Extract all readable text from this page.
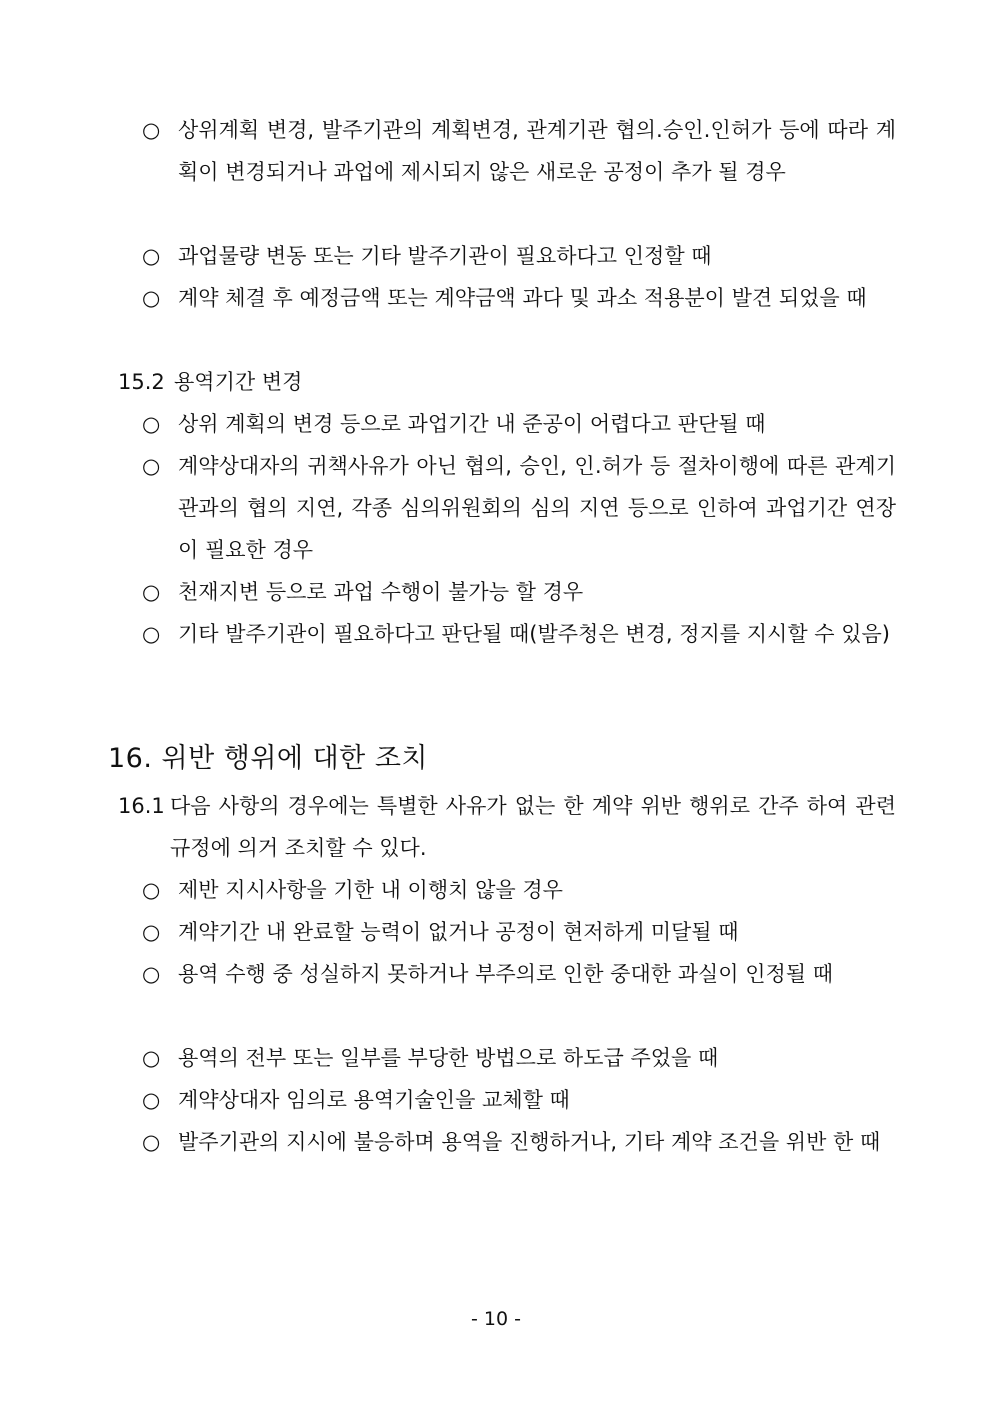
○ 상위계획 변경, 발주기관의 계획변경, 관계기관 협의․승인․인허가 등에 따라 계획이 변경되거나 과업에 제시되지 않은 새로운 공정이 추가 될 경우
○ 과업물량 변동 또는 기타 발주기관이 필요하다고 인정할 때
○ 계약 체결 후 예정금액 또는 계약금액 과다 및 과소 적용분이 발견 되었을 때
15.2 용역기간 변경
○ 상위 계획의 변경 등으로 과업기간 내 준공이 어렵다고 판단될 때
○ 계약상대자의 귀책사유가 아닌 협의, 승인, 인․허가 등 절차이행에 따른 관계기관과의 협의 지연, 각종 심의위원회의 심의 지연 등으로 인하여 과업기간 연장이 필요한 경우
○ 천재지변 등으로 과업 수행이 불가능 할 경우
○ 기타 발주기관이 필요하다고 판단될 때(발주청은 변경, 정지를 지시할 수 있음)
16. 위반 행위에 대한 조치
16.1 다음 사항의 경우에는 특별한 사유가 없는 한 계약 위반 행위로 간주 하여 관련 규정에 의거 조치할 수 있다.
○ 제반 지시사항을 기한 내 이행치 않을 경우
○ 계약기간 내 완료할 능력이 없거나 공정이 현저하게 미달될 때
○ 용역 수행 중 성실하지 못하거나 부주의로 인한 중대한 과실이 인정될 때
○ 용역의 전부 또는 일부를 부당한 방법으로 하도급 주었을 때
○ 계약상대자 임의로 용역기술인을 교체할 때
○ 발주기관의 지시에 불응하며 용역을 진행하거나, 기타 계약 조건을 위반 한 때
- 10 -
